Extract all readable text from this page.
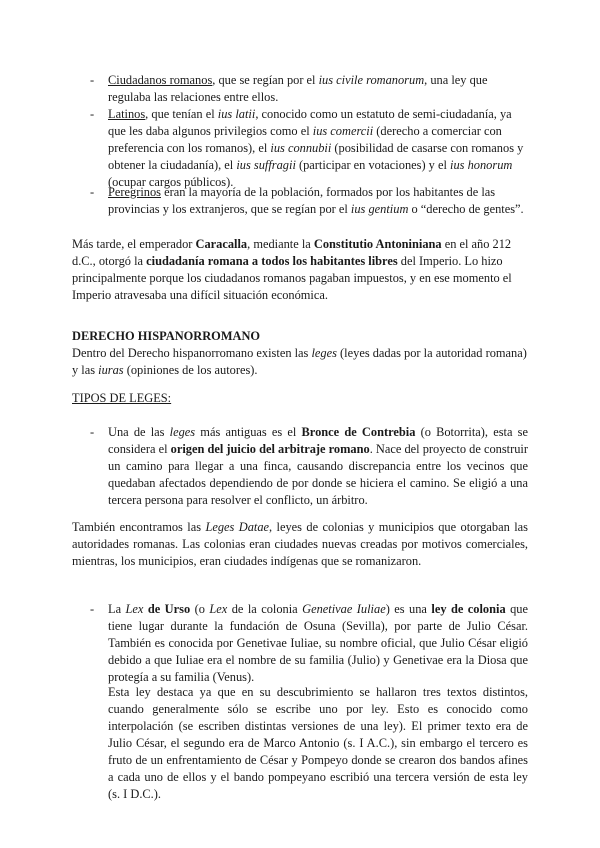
- Ciudadanos romanos, que se regían por el ius civile romanorum, una ley que regulaba las relaciones entre ellos.

- Latinos, que tenían el ius latii, conocido como un estatuto de semi-ciudadanía, ya que les daba algunos privilegios como el ius comercii (derecho a comerciar con preferencia con los romanos), el ius connubii (posibilidad de casarse con romanos y obtener la ciudadanía), el ius suffragii (participar en votaciones) y el ius honorum (ocupar cargos públicos).

- Peregrinos eran la mayoría de la población, formados por los habitantes de las provincias y los extranjeros, que se regían por el ius gentium o “derecho de gentes”.

Más tarde, el emperador Caracalla, mediante la Constitutio Antoniniana en el año 212 d.C., otorgó la ciudadanía romana a todos los habitantes libres del Imperio. Lo hizo principalmente porque los ciudadanos romanos pagaban impuestos, y en ese momento el Imperio atravesaba una difícil situación económica.

DERECHO HISPANORROMANO

Dentro del Derecho hispanorromano existen las leges (leyes dadas por la autoridad romana) y las iuras (opiniones de los autores).

TIPOS DE LEGES:

- Una de las leges más antiguas es el Bronce de Contrebia (o Botorrita), esta se considera el origen del juicio del arbitraje romano. Nace del proyecto de construir un camino para llegar a una finca, causando discrepancia entre los vecinos que quedaban afectados dependiendo de por donde se hiciera el camino. Se eligió a una tercera persona para resolver el conflicto, un árbitro.

También encontramos las Leges Datae, leyes de colonias y municipios que otorgaban las autoridades romanas. Las colonias eran ciudades nuevas creadas por motivos comerciales, mientras, los municipios, eran ciudades indígenas que se romanizaron.

- La Lex de Urso (o Lex de la colonia Genetivae Iuliae) es una ley de colonia que tiene lugar durante la fundación de Osuna (Sevilla), por parte de Julio César. También es conocida por Genetivae Iuliae, su nombre oficial, que Julio César eligió debido a que Iuliae era el nombre de su familia (Julio) y Genetivae era la Diosa que protegía a su familia (Venus).

Esta ley destaca ya que en su descubrimiento se hallaron tres textos distintos, cuando generalmente sólo se escribe uno por ley. Esto es conocido como interpolación (se escriben distintas versiones de una ley). El primer texto era de Julio César, el segundo era de Marco Antonio (s. I A.C.), sin embargo el tercero es fruto de un enfrentamiento de César y Pompeyo donde se crearon dos bandos afines a cada uno de ellos y el bando pompeyano escribió una tercera versión de esta ley (s. I D.C.).
